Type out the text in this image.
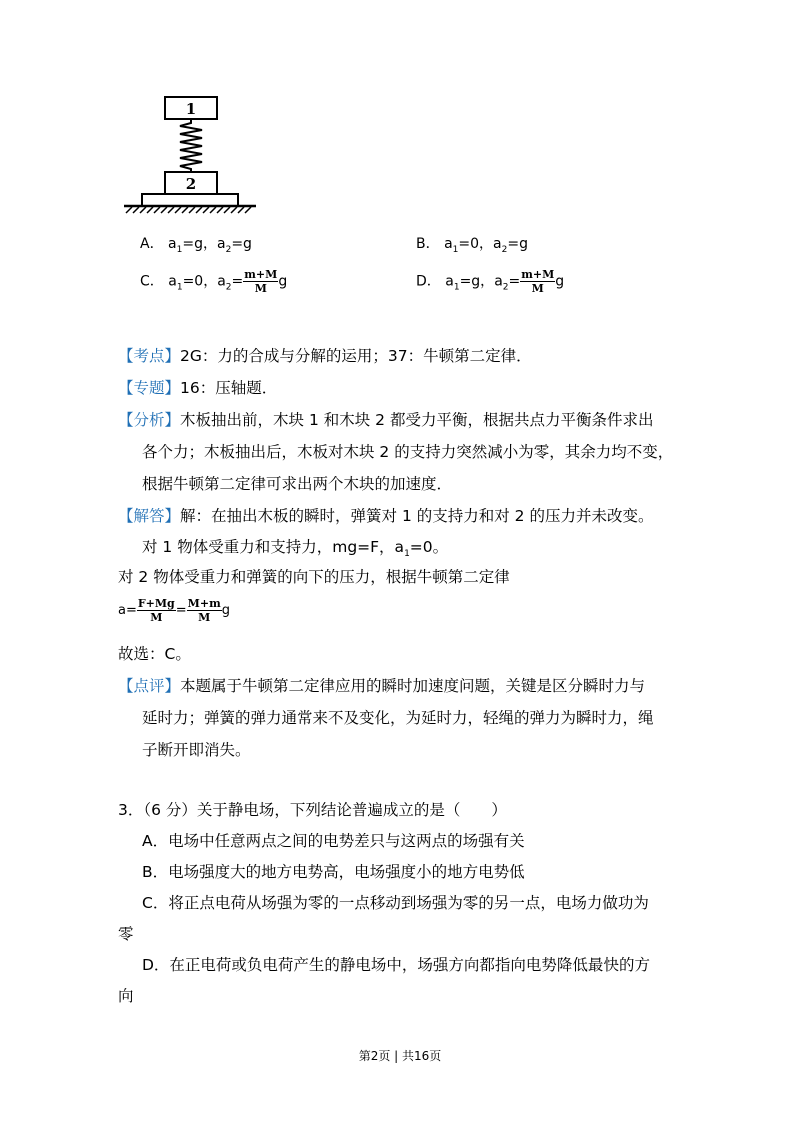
1
2
A． $a_1=g$，$a_2=g$	B． $a_1=0$，$a_2=g$
C． $a_1=0$，$a_2= \frac{m+M}{M}$ g	D． $a_1=g$，$a_2= \frac{m+M}{M}$ g
【考点】2G：力的合成与分解的运用；37：牛顿第二定律．
【专题】16：压轴题．
【分析】木板抽出前，木块 1 和木块 2 都受力平衡，根据共点力平衡条件求出
各个力；木板抽出后，木板对木块 2 的支持力突然减小为零，其余力均不变，
根据牛顿第二定律可求出两个木块的加速度．
【解答】解：在抽出木板的瞬时，弹簧对 1 的支持力和对 2 的压力并未改变。
对 1 物体受重力和支持力，mg=F，$a_1=0$。
对 2 物体受重力和弹簧的向下的压力，根据牛顿第二定律
$a= \frac{F+Mg}{M} = \frac{M+m}{M}$ g
故选：C。
【点评】本题属于牛顿第二定律应用的瞬时加速度问题，关键是区分瞬时力与
延时力；弹簧的弹力通常来不及变化，为延时力，轻绳的弹力为瞬时力，绳
子断开即消失。
3．（6 分）关于静电场，下列结论普遍成立的是（　　）
A．电场中任意两点之间的电势差只与这两点的场强有关
B．电场强度大的地方电势高，电场强度小的地方电势低
C．将正点电荷从场强为零的一点移动到场强为零的另一点，电场力做功为
零
D．在正电荷或负电荷产生的静电场中，场强方向都指向电势降低最快的方
向
第2页 | 共16页
